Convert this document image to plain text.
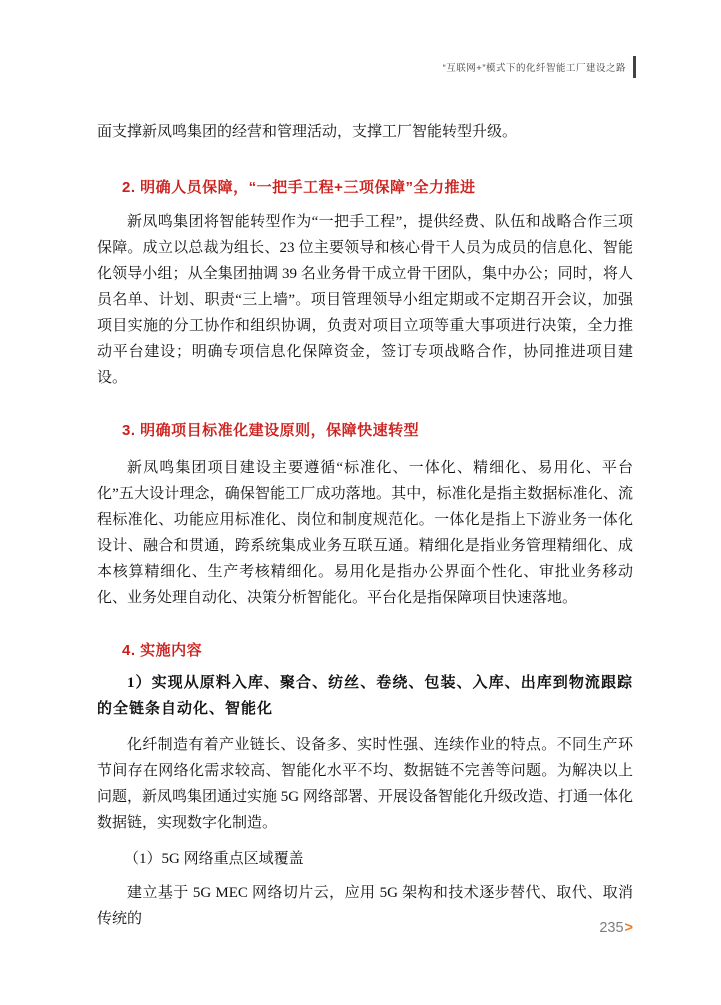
“互联网+”模式下的化纤智能工厂建设之路

面支撑新凤鸣集团的经营和管理活动，支撑工厂智能转型升级。

2. 明确人员保障，“一把手工程+三项保障”全力推进

新凤鸣集团将智能转型作为“一把手工程”，提供经费、队伍和战略合作三项保障。成立以总裁为组长、23 位主要领导和核心骨干人员为成员的信息化、智能化领导小组；从全集团抽调 39 名业务骨干成立骨干团队，集中办公；同时，将人员名单、计划、职责“三上墙”。项目管理领导小组定期或不定期召开会议，加强项目实施的分工协作和组织协调，负责对项目立项等重大事项进行决策，全力推动平台建设；明确专项信息化保障资金，签订专项战略合作，协同推进项目建设。

3. 明确项目标准化建设原则，保障快速转型

新凤鸣集团项目建设主要遵循“标准化、一体化、精细化、易用化、平台化”五大设计理念，确保智能工厂成功落地。其中，标准化是指主数据标准化、流程标准化、功能应用标准化、岗位和制度规范化。一体化是指上下游业务一体化设计、融合和贯通，跨系统集成业务互联互通。精细化是指业务管理精细化、成本核算精细化、生产考核精细化。易用化是指办公界面个性化、审批业务移动化、业务处理自动化、决策分析智能化。平台化是指保障项目快速落地。

4. 实施内容

1）实现从原料入库、聚合、纺丝、卷绕、包装、入库、出库到物流跟踪的全链条自动化、智能化

化纤制造有着产业链长、设备多、实时性强、连续作业的特点。不同生产环节间存在网络化需求较高、智能化水平不均、数据链不完善等问题。为解决以上问题，新凤鸣集团通过实施 5G 网络部署、开展设备智能化升级改造、打通一体化数据链，实现数字化制造。

（1）5G 网络重点区域覆盖

建立基于 5G MEC 网络切片云，应用 5G 架构和技术逐步替代、取代、取消传统的

235>
